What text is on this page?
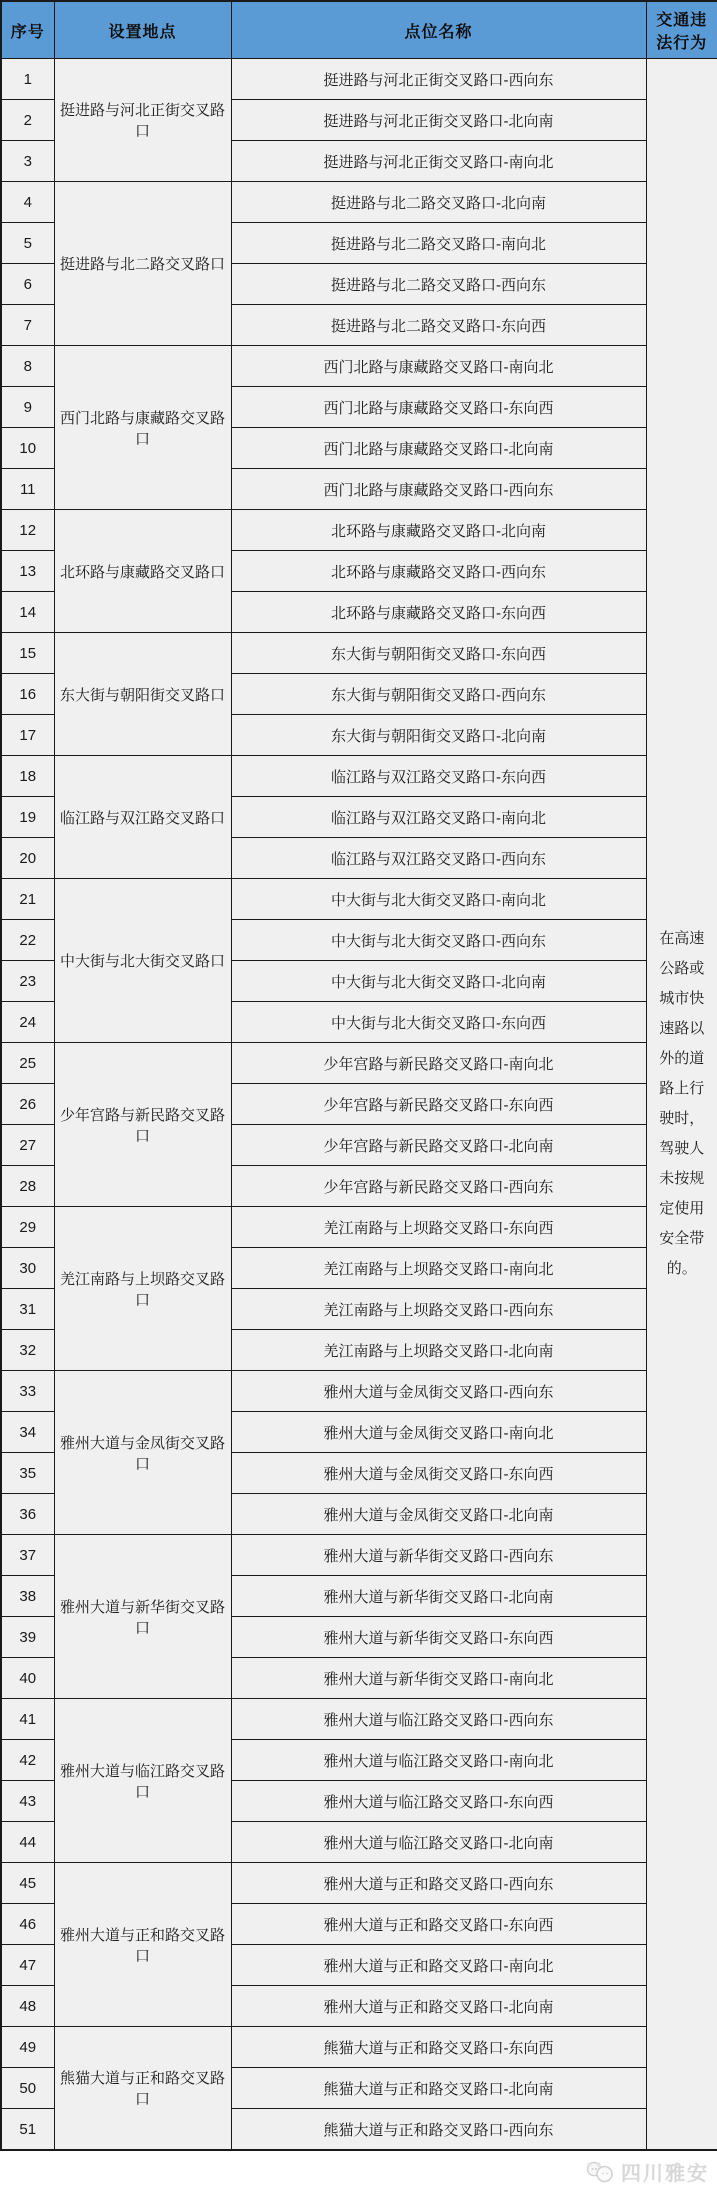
序号	设置地点	点位名称	交通违法行为
1	挺进路与河北正街交叉路口	挺进路与河北正街交叉路口-西向东	在高速公路或城市快速路以外的道路上行驶时，驾驶人未按规定使用安全带的。

2		挺进路与河北正街交叉路口-北向南	
3		挺进路与河北正街交叉路口-南向北	
4	挺进路与北二路交叉路口	挺进路与北二路交叉路口-北向南	
5		挺进路与北二路交叉路口-南向北	
6		挺进路与北二路交叉路口-西向东	
7		挺进路与北二路交叉路口-东向西	
8	西门北路与康藏路交叉路口	西门北路与康藏路交叉路口-南向北	
9		西门北路与康藏路交叉路口-东向西	
10		西门北路与康藏路交叉路口-北向南	
11		西门北路与康藏路交叉路口-西向东	
12	北环路与康藏路交叉路口	北环路与康藏路交叉路口-北向南	
13		北环路与康藏路交叉路口-西向东	
14		北环路与康藏路交叉路口-东向西	
15	东大街与朝阳街交叉路口	东大街与朝阳街交叉路口-东向西	
16		东大街与朝阳街交叉路口-西向东	
17		东大街与朝阳街交叉路口-北向南	
18	临江路与双江路交叉路口	临江路与双江路交叉路口-东向西	
19		临江路与双江路交叉路口-南向北	
20		临江路与双江路交叉路口-西向东	
21	中大街与北大街交叉路口	中大街与北大街交叉路口-南向北	
22		中大街与北大街交叉路口-西向东	
23		中大街与北大街交叉路口-北向南	
24		中大街与北大街交叉路口-东向西	
25	少年宫路与新民路交叉路口	少年宫路与新民路交叉路口-南向北	
26		少年宫路与新民路交叉路口-东向西	
27		少年宫路与新民路交叉路口-北向南	
28		少年宫路与新民路交叉路口-西向东	
29	羌江南路与上坝路交叉路口	羌江南路与上坝路交叉路口-东向西	
30		羌江南路与上坝路交叉路口-南向北	
31		羌江南路与上坝路交叉路口-西向东	
32		羌江南路与上坝路交叉路口-北向南	
33	雅州大道与金凤街交叉路口	雅州大道与金凤街交叉路口-西向东	
34		雅州大道与金凤街交叉路口-南向北	
35		雅州大道与金凤街交叉路口-东向西	
36		雅州大道与金凤街交叉路口-北向南	
37	雅州大道与新华街交叉路口	雅州大道与新华街交叉路口-西向东	
38		雅州大道与新华街交叉路口-北向南	
39		雅州大道与新华街交叉路口-东向西	
40		雅州大道与新华街交叉路口-南向北	
41	雅州大道与临江路交叉路口	雅州大道与临江路交叉路口-西向东	
42		雅州大道与临江路交叉路口-南向北	
43		雅州大道与临江路交叉路口-东向西	
44		雅州大道与临江路交叉路口-北向南	
45	雅州大道与正和路交叉路口	雅州大道与正和路交叉路口-西向东	
46		雅州大道与正和路交叉路口-东向西	
47		雅州大道与正和路交叉路口-南向北	
48		雅州大道与正和路交叉路口-北向南	
49	熊猫大道与正和路交叉路口	熊猫大道与正和路交叉路口-东向西	
50		熊猫大道与正和路交叉路口-北向南	
51		熊猫大道与正和路交叉路口-西向东	
四川雅安
